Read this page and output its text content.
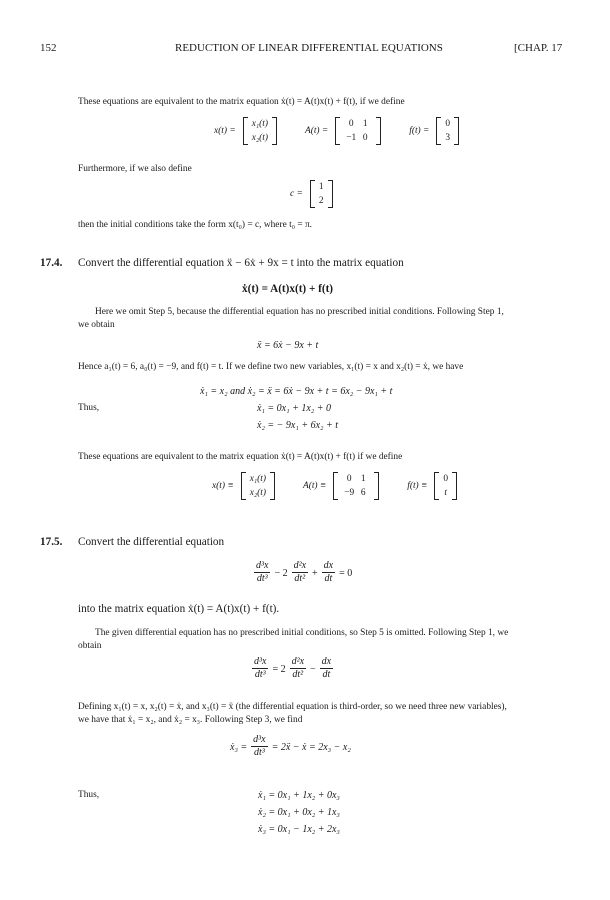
152	REDUCTION OF LINEAR DIFFERENTIAL EQUATIONS	[CHAP. 17
These equations are equivalent to the matrix equation ẋ(t) = A(t)x(t) + f(t), if we define
x(t) =
x₁(t)
x₂(t)
A(t) =
0 1
−1 0
f(t) =
0
3
Furthermore, if we also define
c =
1
2
then the initial conditions take the form x(t₀) = c, where t₀ = π.
17.4. Convert the differential equation ẍ − 6ẋ + 9x = t into the matrix equation
ẋ(t) = A(t)x(t) + f(t)
Here we omit Step 5, because the differential equation has no prescribed initial conditions. Following Step 1,
we obtain
ẍ = 6ẋ − 9x + t
Hence a₁(t) = 6, a₀(t) = −9, and f(t) = t. If we define two new variables, x₁(t) = x and x₂(t) = ẋ, we have
ẋ₁ = x₂ and ẋ₂ = ẍ = 6ẋ − 9x + t = 6x₂ − 9x₁ + t
Thus,	ẋ₁ = 0x₁ + 1x₂ + 0
ẋ₂ = − 9x₁ + 6x₂ + t
These equations are equivalent to the matrix equation ẋ(t) = A(t)x(t) + f(t) if we define
x(t) ≡
x₁(t)
x₂(t)
A(t) ≡
0 1
−9 6
f(t) ≡
0
t
17.5. Convert the differential equation
$\frac{\text{d³x}}{\text{dt³}} - 2 \frac{\text{d²x}}{\text{dt²}} + \frac{dx}{dt} = 0$
into the matrix equation ẋ(t) = A(t)x(t) + f(t).
The given differential equation has no prescribed initial conditions, so Step 5 is omitted. Following Step 1, we
obtain
$\frac{\text{d³x}}{\text{dt³}} = 2 \frac{\text{d²x}}{\text{dt²}} - \frac{dx}{dt}$
Defining x₁(t) = x, x₂(t) = ẋ, and x₃(t) = ẍ (the differential equation is third-order, so we need three new variables),
we have that ẋ₁ = x₂, and ẋ₂ = x₃. Following Step 3, we find
ẋ₃ = $\frac{\text{d³x}}{\text{dt³}}$ = 2ẍ − ẋ = 2x₃ − x₂
Thus,	ẋ₁ = 0x₁ + 1x₂ + 0x₃
ẋ₂ = 0x₁ + 0x₂ + 1x₃
ẋ₃ = 0x₁ − 1x₂ + 2x₃
